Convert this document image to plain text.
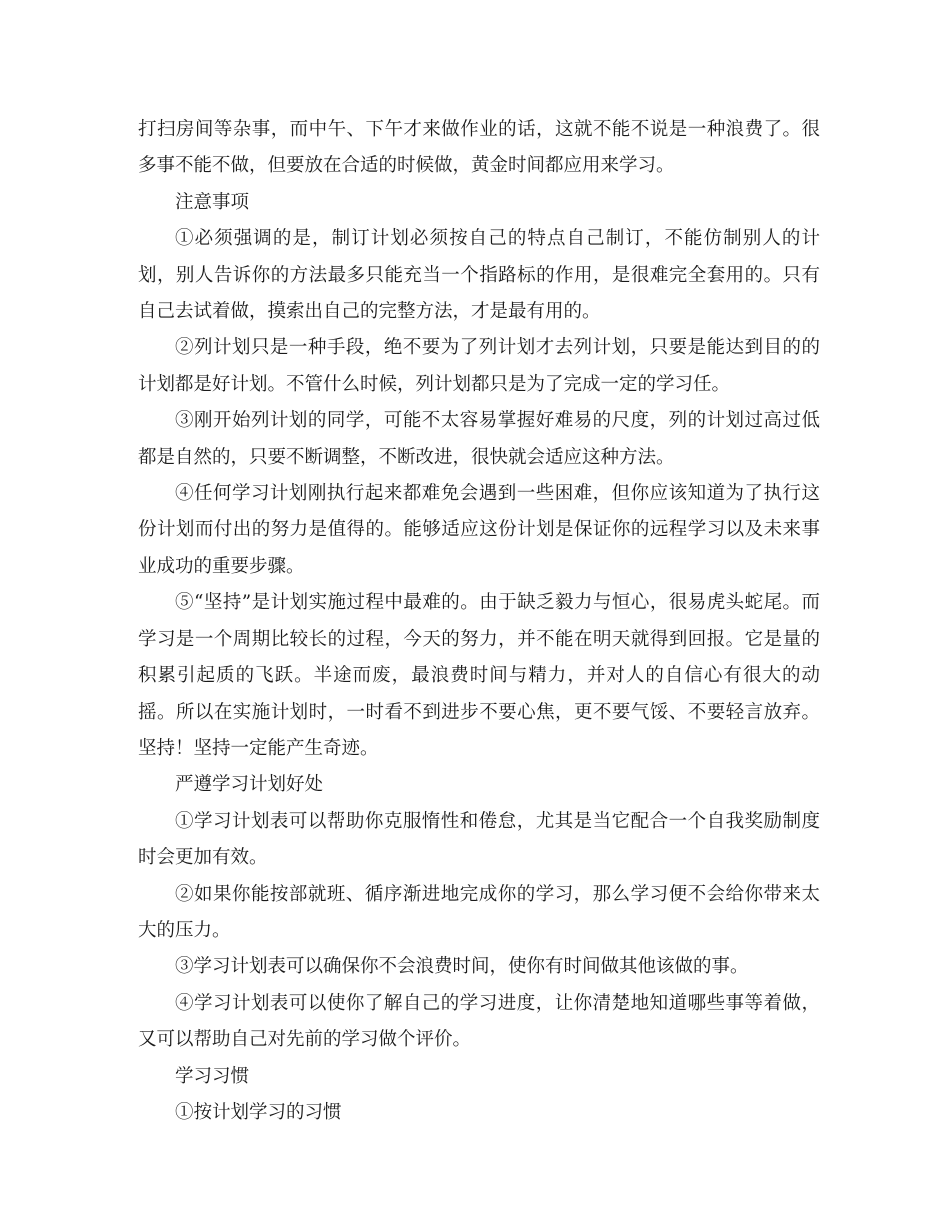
打扫房间等杂事，而中午、下午才来做作业的话，这就不能不说是一种浪费了。很多事不能不做，但要放在合适的时候做，黄金时间都应用来学习。

注意事项

①必须强调的是，制订计划必须按自己的特点自己制订，不能仿制别人的计划，别人告诉你的方法最多只能充当一个指路标的作用，是很难完全套用的。只有自己去试着做，摸索出自己的完整方法，才是最有用的。

②列计划只是一种手段，绝不要为了列计划才去列计划，只要是能达到目的的计划都是好计划。不管什么时候，列计划都只是为了完成一定的学习任。

③刚开始列计划的同学，可能不太容易掌握好难易的尺度，列的计划过高过低都是自然的，只要不断调整，不断改进，很快就会适应这种方法。

④任何学习计划刚执行起来都难免会遇到一些困难，但你应该知道为了执行这份计划而付出的努力是值得的。能够适应这份计划是保证你的远程学习以及未来事业成功的重要步骤。

⑤“坚持”是计划实施过程中最难的。由于缺乏毅力与恒心，很易虎头蛇尾。而学习是一个周期比较长的过程，今天的努力，并不能在明天就得到回报。它是量的积累引起质的飞跃。半途而废，最浪费时间与精力，并对人的自信心有很大的动摇。所以在实施计划时，一时看不到进步不要心焦，更不要气馁、不要轻言放弃。坚持！坚持一定能产生奇迹。

严遵学习计划好处

①学习计划表可以帮助你克服惰性和倦怠，尤其是当它配合一个自我奖励制度时会更加有效。

②如果你能按部就班、循序渐进地完成你的学习，那么学习便不会给你带来太大的压力。

③学习计划表可以确保你不会浪费时间，使你有时间做其他该做的事。

④学习计划表可以使你了解自己的学习进度，让你清楚地知道哪些事等着做，又可以帮助自己对先前的学习做个评价。

学习习惯

①按计划学习的习惯
